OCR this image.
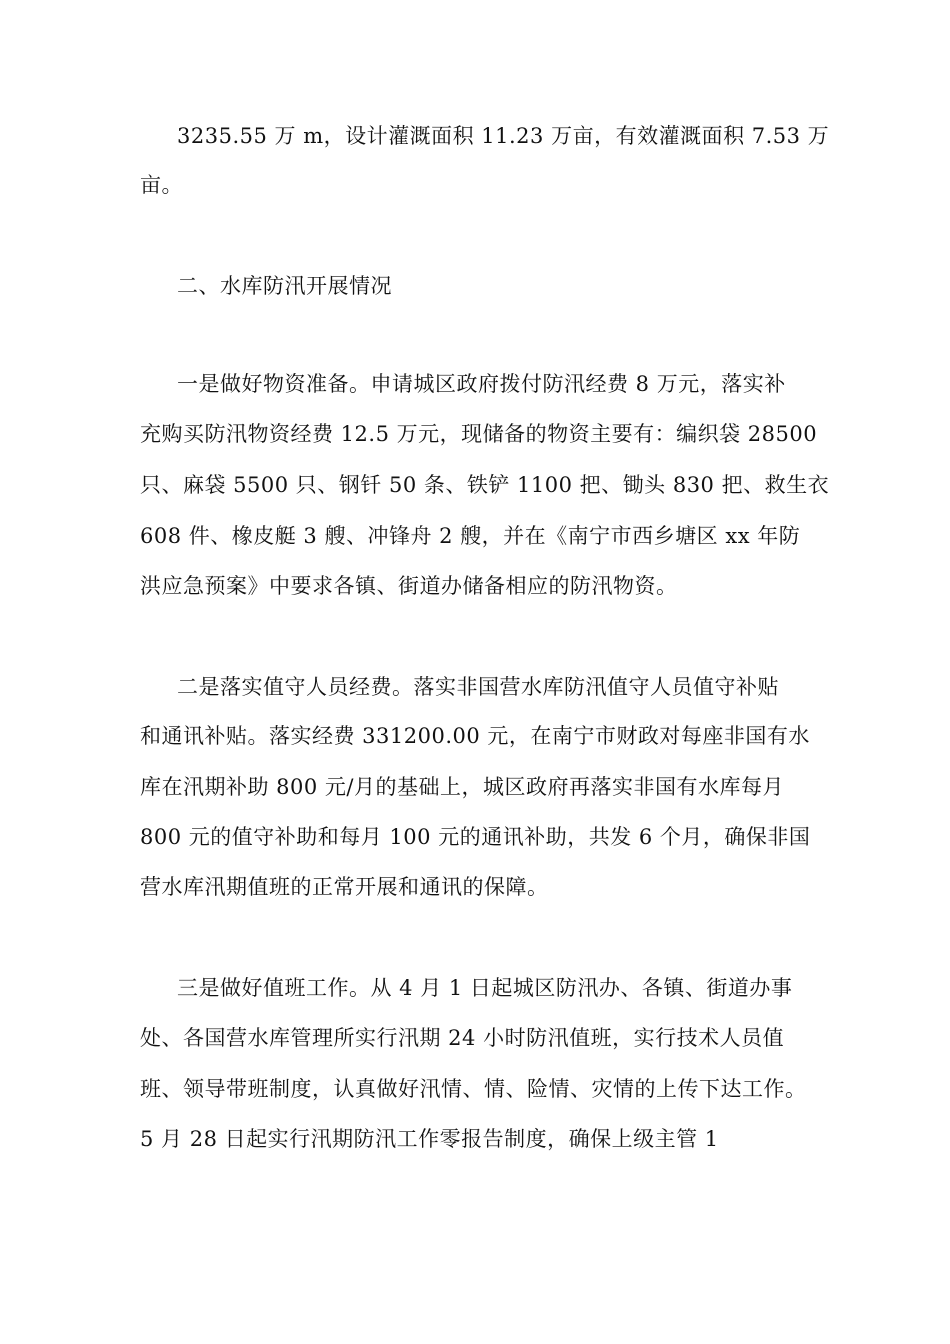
3235.55 万 m，设计灌溉面积 11.23 万亩，有效灌溉面积 7.53 万
亩。
二、水库防汛开展情况
一是做好物资准备。申请城区政府拨付防汛经费 8 万元，落实补
充购买防汛物资经费 12.5 万元，现储备的物资主要有：编织袋 28500
只、麻袋 5500 只、钢钎 50 条、铁铲 1100 把、锄头 830 把、救生衣
608 件、橡皮艇 3 艘、冲锋舟 2 艘，并在《南宁市西乡塘区 xx 年防
洪应急预案》中要求各镇、街道办储备相应的防汛物资。
二是落实值守人员经费。落实非国营水库防汛值守人员值守补贴
和通讯补贴。落实经费 331200.00 元，在南宁市财政对每座非国有水
库在汛期补助 800 元/月的基础上，城区政府再落实非国有水库每月
800 元的值守补助和每月 100 元的通讯补助，共发 6 个月，确保非国
营水库汛期值班的正常开展和通讯的保障。
三是做好值班工作。从 4 月 1 日起城区防汛办、各镇、街道办事
处、各国营水库管理所实行汛期 24 小时防汛值班，实行技术人员值
班、领导带班制度，认真做好汛情、情、险情、灾情的上传下达工作。
5 月 28 日起实行汛期防汛工作零报告制度，确保上级主管 1
